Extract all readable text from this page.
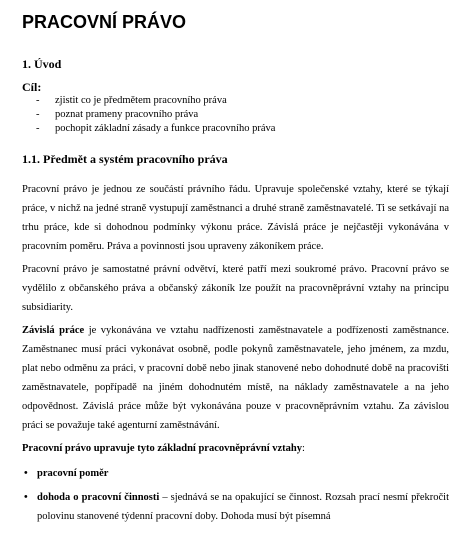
PRACOVNÍ PRÁVO
1. Úvod
Cíl:
- zjistit co je předmětem pracovního práva
- poznat prameny pracovního práva
- pochopit základní zásady a funkce pracovního práva
1.1. Předmět a systém pracovního práva

Pracovní právo je jednou ze součástí právního řádu. Upravuje společenské vztahy, které se týkají práce, v nichž na jedné straně vystupují zaměstnanci a druhé straně zaměstnavatelé. Ti se setkávají na trhu práce, kde si dohodnou podmínky výkonu práce. Závislá práce je nejčastěji vykonávána v pracovním poměru. Práva a povinnosti jsou upraveny zákoníkem práce.

Pracovní právo je samostatné právní odvětví, které patří mezi soukromé právo. Pracovní právo se vydělilo z občanského práva a občanský zákoník lze použít na pracovněprávní vztahy na principu subsidiarity.

Závislá práce je vykonávána ve vztahu nadřízenosti zaměstnavatele a podřízenosti zaměstnance. Zaměstnanec musí práci vykonávat osobně, podle pokynů zaměstnavatele, jeho jménem, za mzdu, plat nebo odměnu za práci, v pracovní době nebo jinak stanovené nebo dohodnuté době na pracovišti zaměstnavatele, popřípadě na jiném dohodnutém místě, na náklady zaměstnavatele a na jeho odpovědnost. Závislá práce může být vykonávána pouze v pracovněprávním vztahu. Za závislou práci se považuje také agenturní zaměstnávání.

Pracovní právo upravuje tyto základní pracovněprávní vztahy:

• pracovní poměr
• dohoda o pracovní činnosti – sjednává se na opakující se činnost. Rozsah prací nesmí překročit polovinu stanovené týdenní pracovní doby. Dohoda musí být písemná
